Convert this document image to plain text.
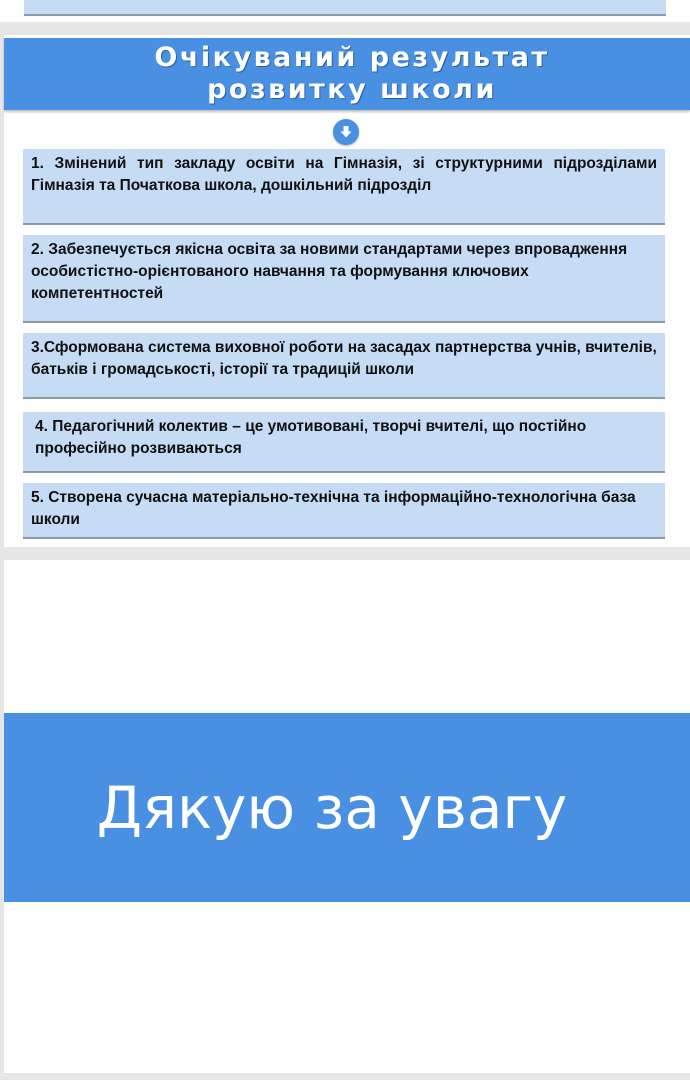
Очікуваний результат
розвитку школи
1. Змінений тип закладу освіти на Гімназія, зі структурними підрозділами Гімназія та Початкова школа, дошкільний підрозділ
2. Забезпечується якісна освіта за новими стандартами через впровадження особистістно-орієнтованого навчання та формування ключових компетентностей
3.Сформована система виховної роботи на засадах партнерства учнів, вчителів, батьків і громадськості, історії та традицій школи
4. Педагогічний колектив – це умотивовані, творчі вчителі, що постійно професійно розвиваються
5. Створена сучасна матеріально-технічна та інформаційно-технологічна база школи
Дякую за увагу
